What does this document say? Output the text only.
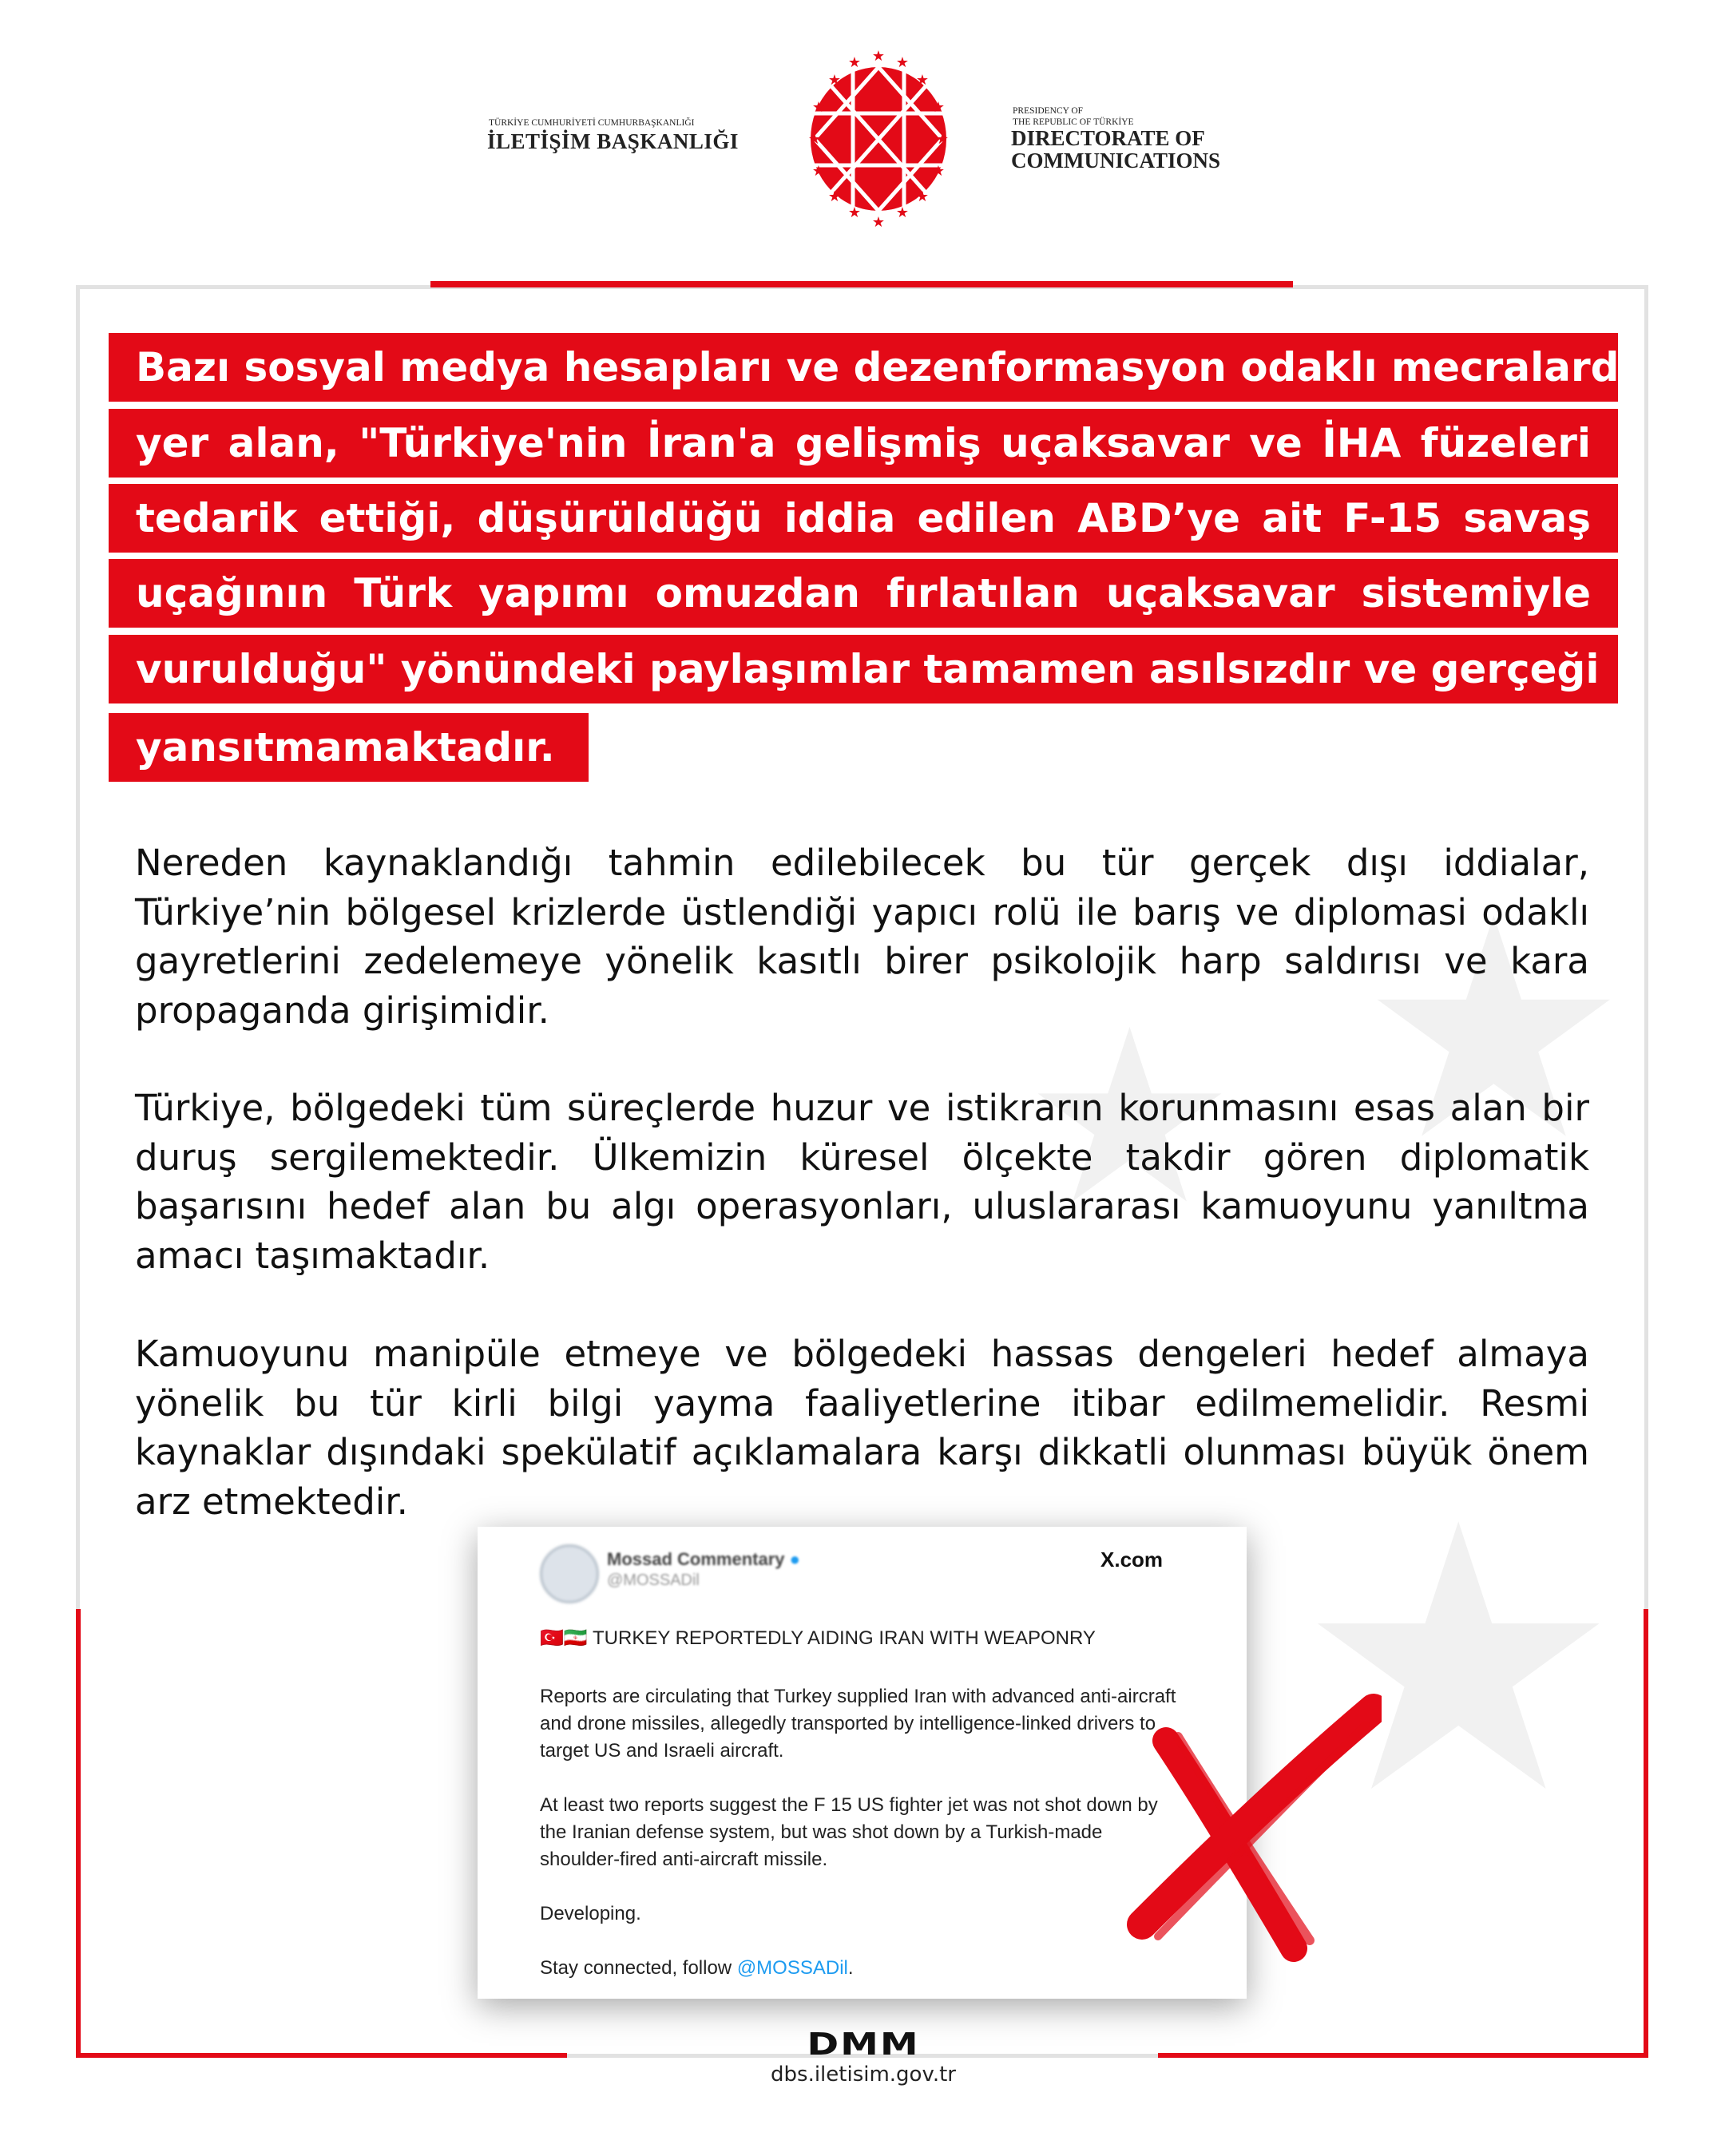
★
★
★
TÜRKİYE CUMHURİYETİ CUMHURBAŞKANLIĞI
İLETİŞİM BAŞKANLIĞI
★
★ ★
★	★
★	★
★	★
★	★
★	★
★ ★
★
PRESIDENCY OF
THE REPUBLIC OF TÜRKİYE
DIRECTORATE OF
COMMUNICATIONS
Bazı sosyal medya hesapları ve dezenformasyon odaklı mecralarda
yer alan, "Türkiye'nin İran'a gelişmiş uçaksavar ve İHA füzeleri
tedarik ettiği, düşürüldüğü iddia edilen ABD’ye ait F-15 savaş
uçağının Türk yapımı omuzdan fırlatılan uçaksavar sistemiyle
vurulduğu" yönündeki paylaşımlar tamamen asılsızdır ve gerçeği
yansıtmamaktadır.
Nereden kaynaklandığı tahmin edilebilecek bu tür gerçek dışı iddialar, Türkiye’nin bölgesel krizlerde üstlendiği yapıcı rolü ile barış ve diplomasi odaklı gayretlerini zedelemeye yönelik kasıtlı birer psikolojik harp saldırısı ve kara propaganda girişimidir.
Türkiye, bölgedeki tüm süreçlerde huzur ve istikrarın korunmasını esas alan bir duruş sergilemektedir. Ülkemizin küresel ölçekte takdir gören diplomatik başarısını hedef alan bu algı operasyonları, uluslararası kamuoyunu yanıltma amacı taşımaktadır.
Kamuoyunu manipüle etmeye ve bölgedeki hassas dengeleri hedef almaya yönelik bu tür kirli bilgi yayma faaliyetlerine itibar edilmemelidir. Resmi kaynaklar dışındaki spekülatif açıklamalara karşı dikkatli olunması büyük önem arz etmektedir.
Mossad Commentary ●
@MOSSADil
X.com
🇹🇷🇮🇷 TURKEY REPORTEDLY AIDING IRAN WITH WEAPONRY

Reports are circulating that Turkey supplied Iran with advanced anti-aircraft and drone missiles, allegedly transported by intelligence-linked drivers to target US and Israeli aircraft.

At least two reports suggest the F 15 US fighter jet was not shot down by the Iranian defense system, but was shot down by a Turkish-made shoulder-fired anti-aircraft missile.

Developing.

Stay connected, follow @MOSSADil.

DMM
dbs.iletisim.gov.tr
